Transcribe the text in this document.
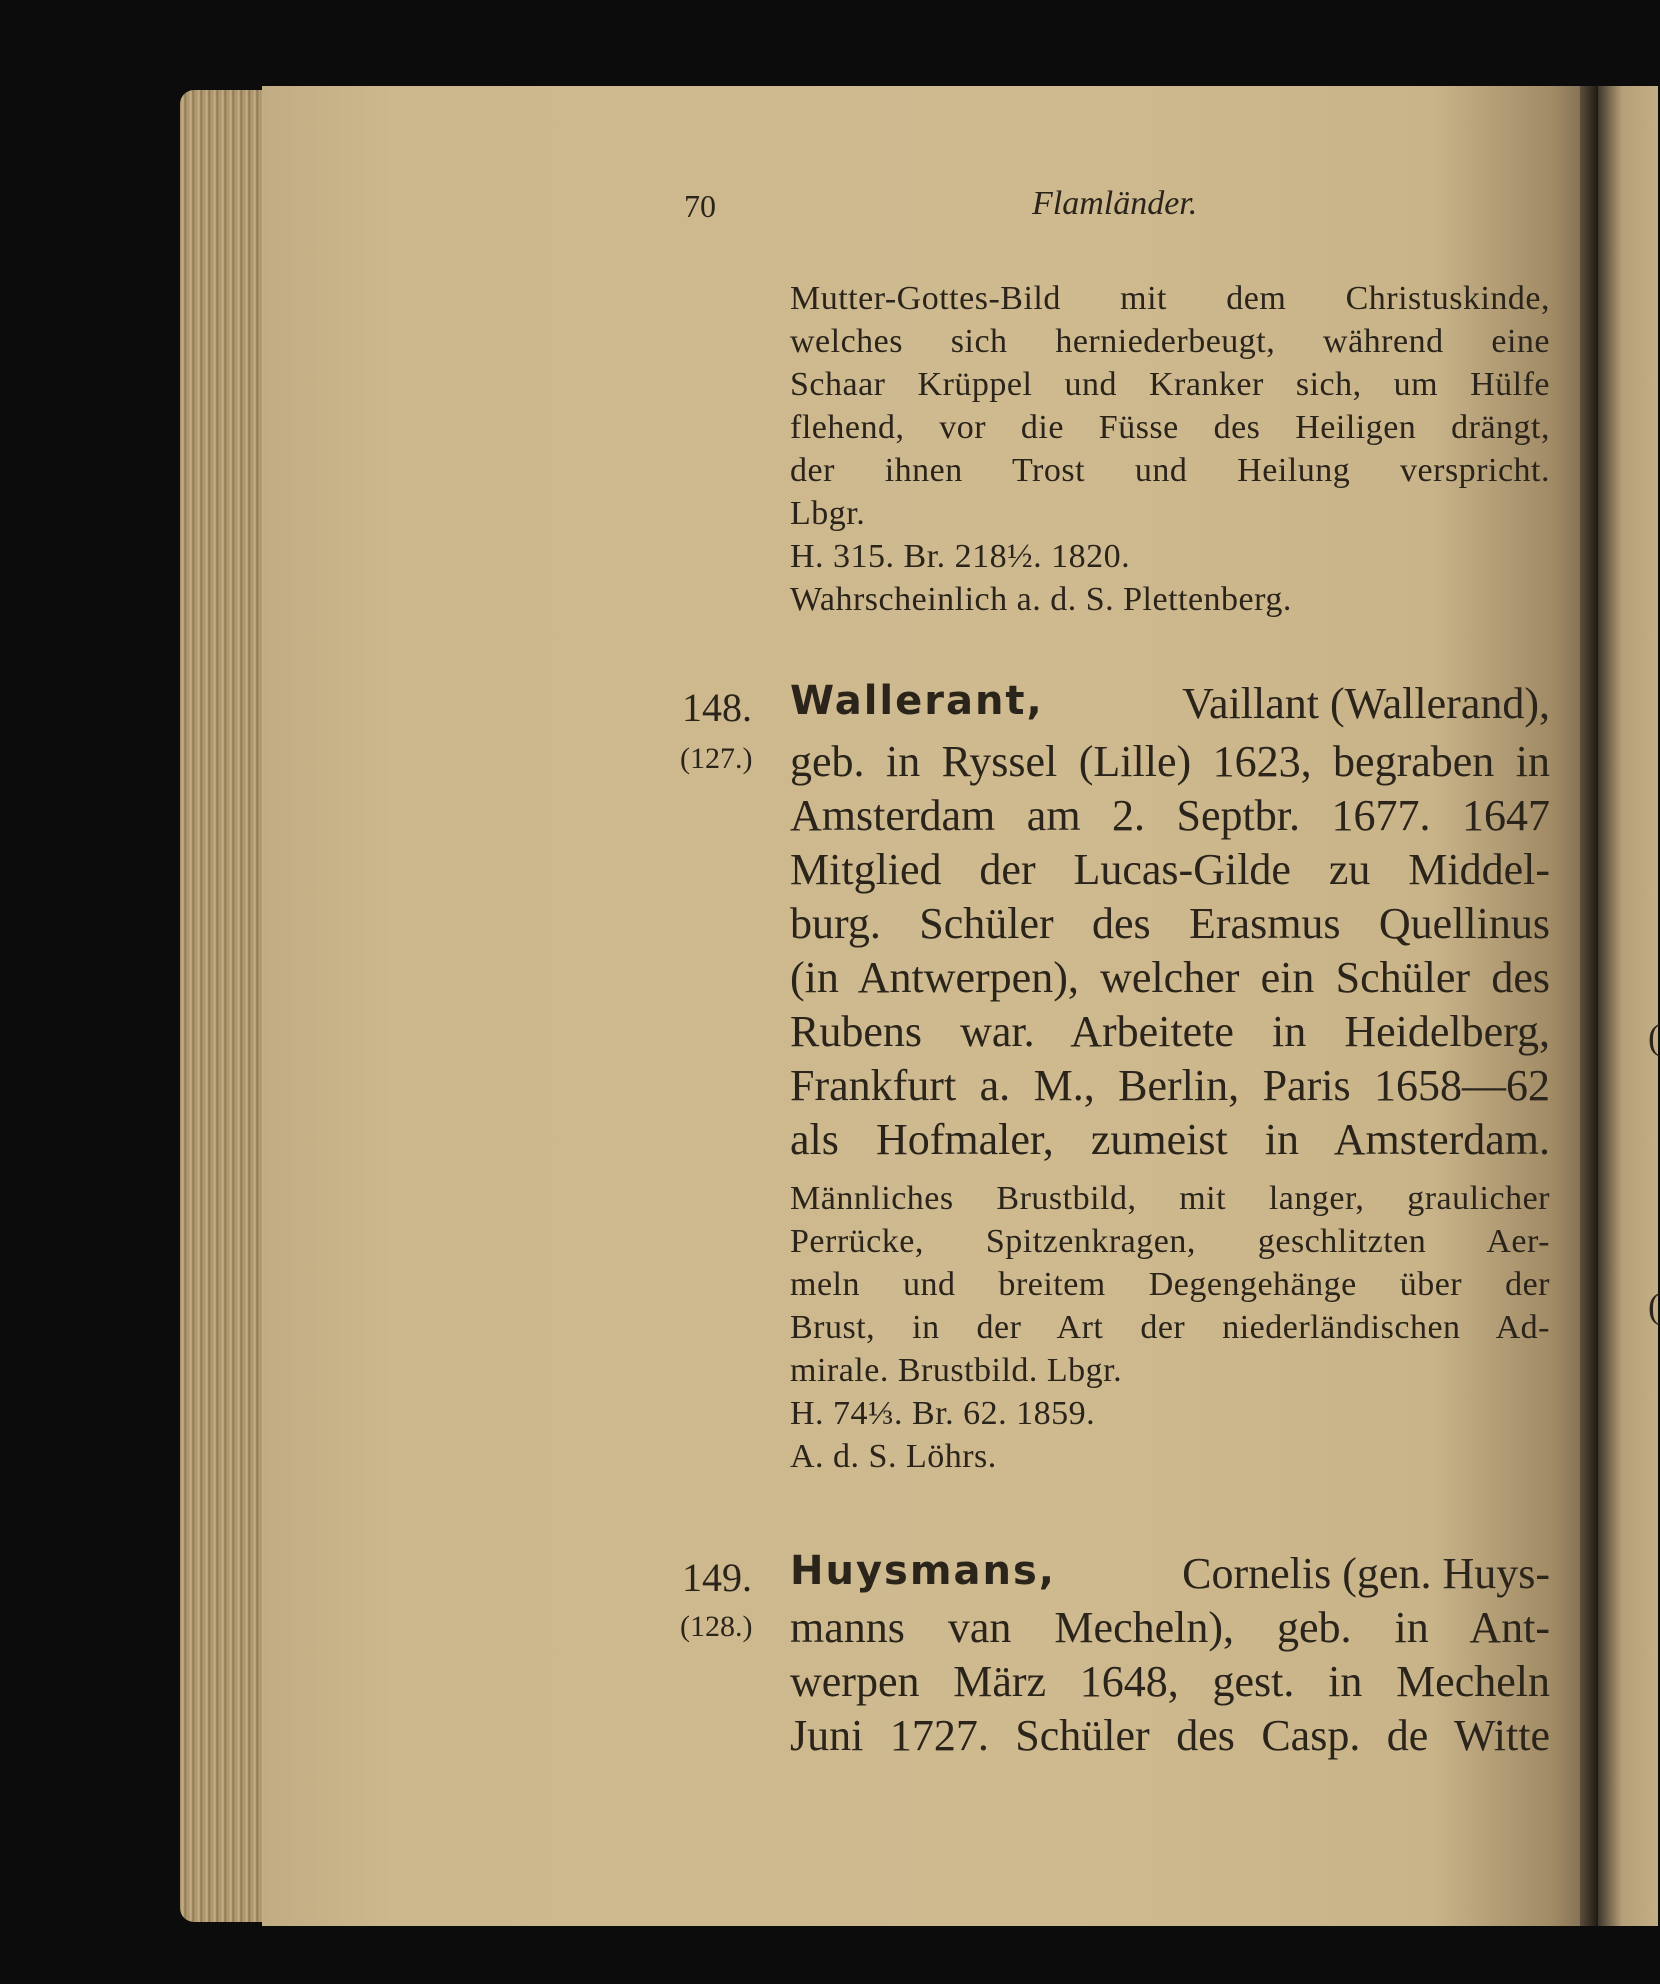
70	Flamländer.
Mutter-Gottes-Bild mit dem Christuskinde,
welches sich herniederbeugt, während eine
Schaar Krüppel und Kranker sich, um Hülfe
flehend, vor die Füsse des Heiligen drängt,
der ihnen Trost und Heilung verspricht.
Lbgr.
H. 315. Br. 218½. 1820.
Wahrscheinlich a. d. S. Plettenberg.
148.
(127.)
Wallerant,	Vaillant (Wallerand),
geb. in Ryssel (Lille) 1623, begraben in
Amsterdam am 2. Septbr. 1677. 1647
Mitglied der Lucas-Gilde zu Middel-
burg. Schüler des Erasmus Quellinus
(in Antwerpen), welcher ein Schüler des
Rubens war. Arbeitete in Heidelberg,
Frankfurt a. M., Berlin, Paris 1658—62
als Hofmaler, zumeist in Amsterdam.
Männliches Brustbild, mit langer, graulicher
Perrücke, Spitzenkragen, geschlitzten Aer-
meln und breitem Degengehänge über der
Brust, in der Art der niederländischen Ad-
mirale. Brustbild. Lbgr.
H. 74⅓. Br. 62. 1859.
A. d. S. Löhrs.
149.
(128.)
Huysmans,	Cornelis (gen. Huys-
manns van Mecheln), geb. in Ant-
werpen März 1648, gest. in Mecheln
Juni 1727. Schüler des Casp. de Witte
(
(
